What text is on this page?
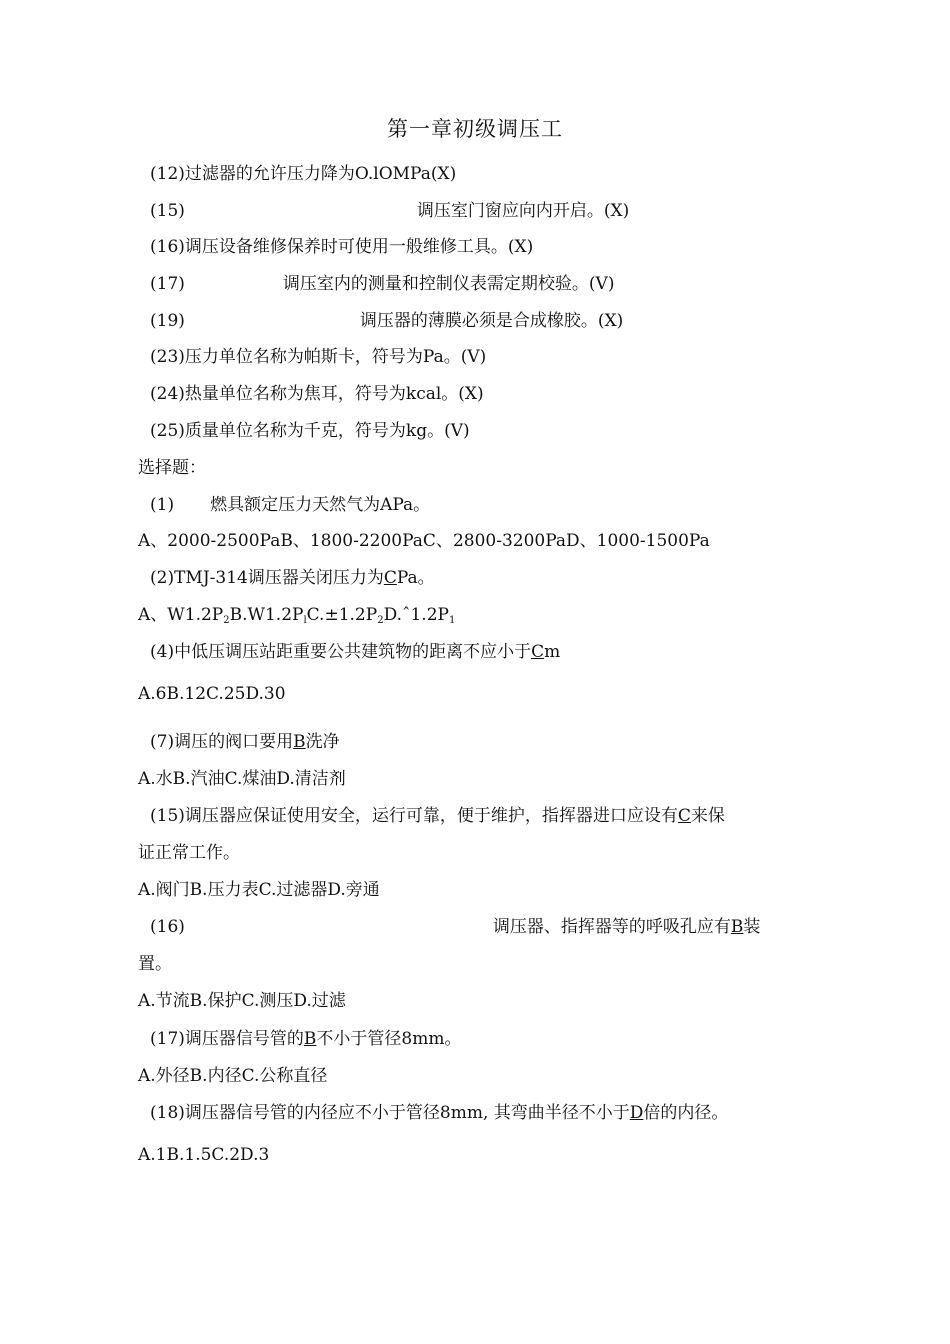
第一章初级调压工
(12)过滤器的允许压力降为O.lOMPa(X)
(15)	调压室门窗应向内开启。(X)
(16)调压设备维修保养时可使用一般维修工具。(X)
(17)	调压室内的测量和控制仪表需定期校验。(V)
(19)	调压器的薄膜必须是合成橡胶。(X)
(23)压力单位名称为帕斯卡，符号为Pa。(V)
(24)热量单位名称为焦耳，符号为kcal。(X)
(25)质量单位名称为千克，符号为kg。(V)
选择题：
(1) 燃具额定压力天然气为APa。
A、2000-2500PaB、1800-2200PaC、2800-3200PaD、1000-1500Pa
(2)TMJ-314调压器关闭压力为CPa。
A、$W1.2P_2B.W1.2P_lC.\pm 1.2P_2D.ˆ1.2P_1$
(4)中低压调压站距重要公共建筑物的距离不应小于Cm
A.6B.12C.25D.30
(7)调压的阀口要用B洗净
A.水B.汽油C.煤油D.清洁剂
(15)调压器应保证使用安全，运行可靠，便于维护，指挥器进口应设有C来保
证正常工作。
A.阀门B.压力表C.过滤器D.旁通
(16)	调压器、指挥器等的呼吸孔应有B装
置。
A.节流B.保护C.测压D.过滤
(17)调压器信号管的B不小于管径8mm。
A.外径B.内径C.公称直径
(18)调压器信号管的内径应不小于管径8mm, 其弯曲半径不小于D倍的内径。
A.1B.1.5C.2D.3
